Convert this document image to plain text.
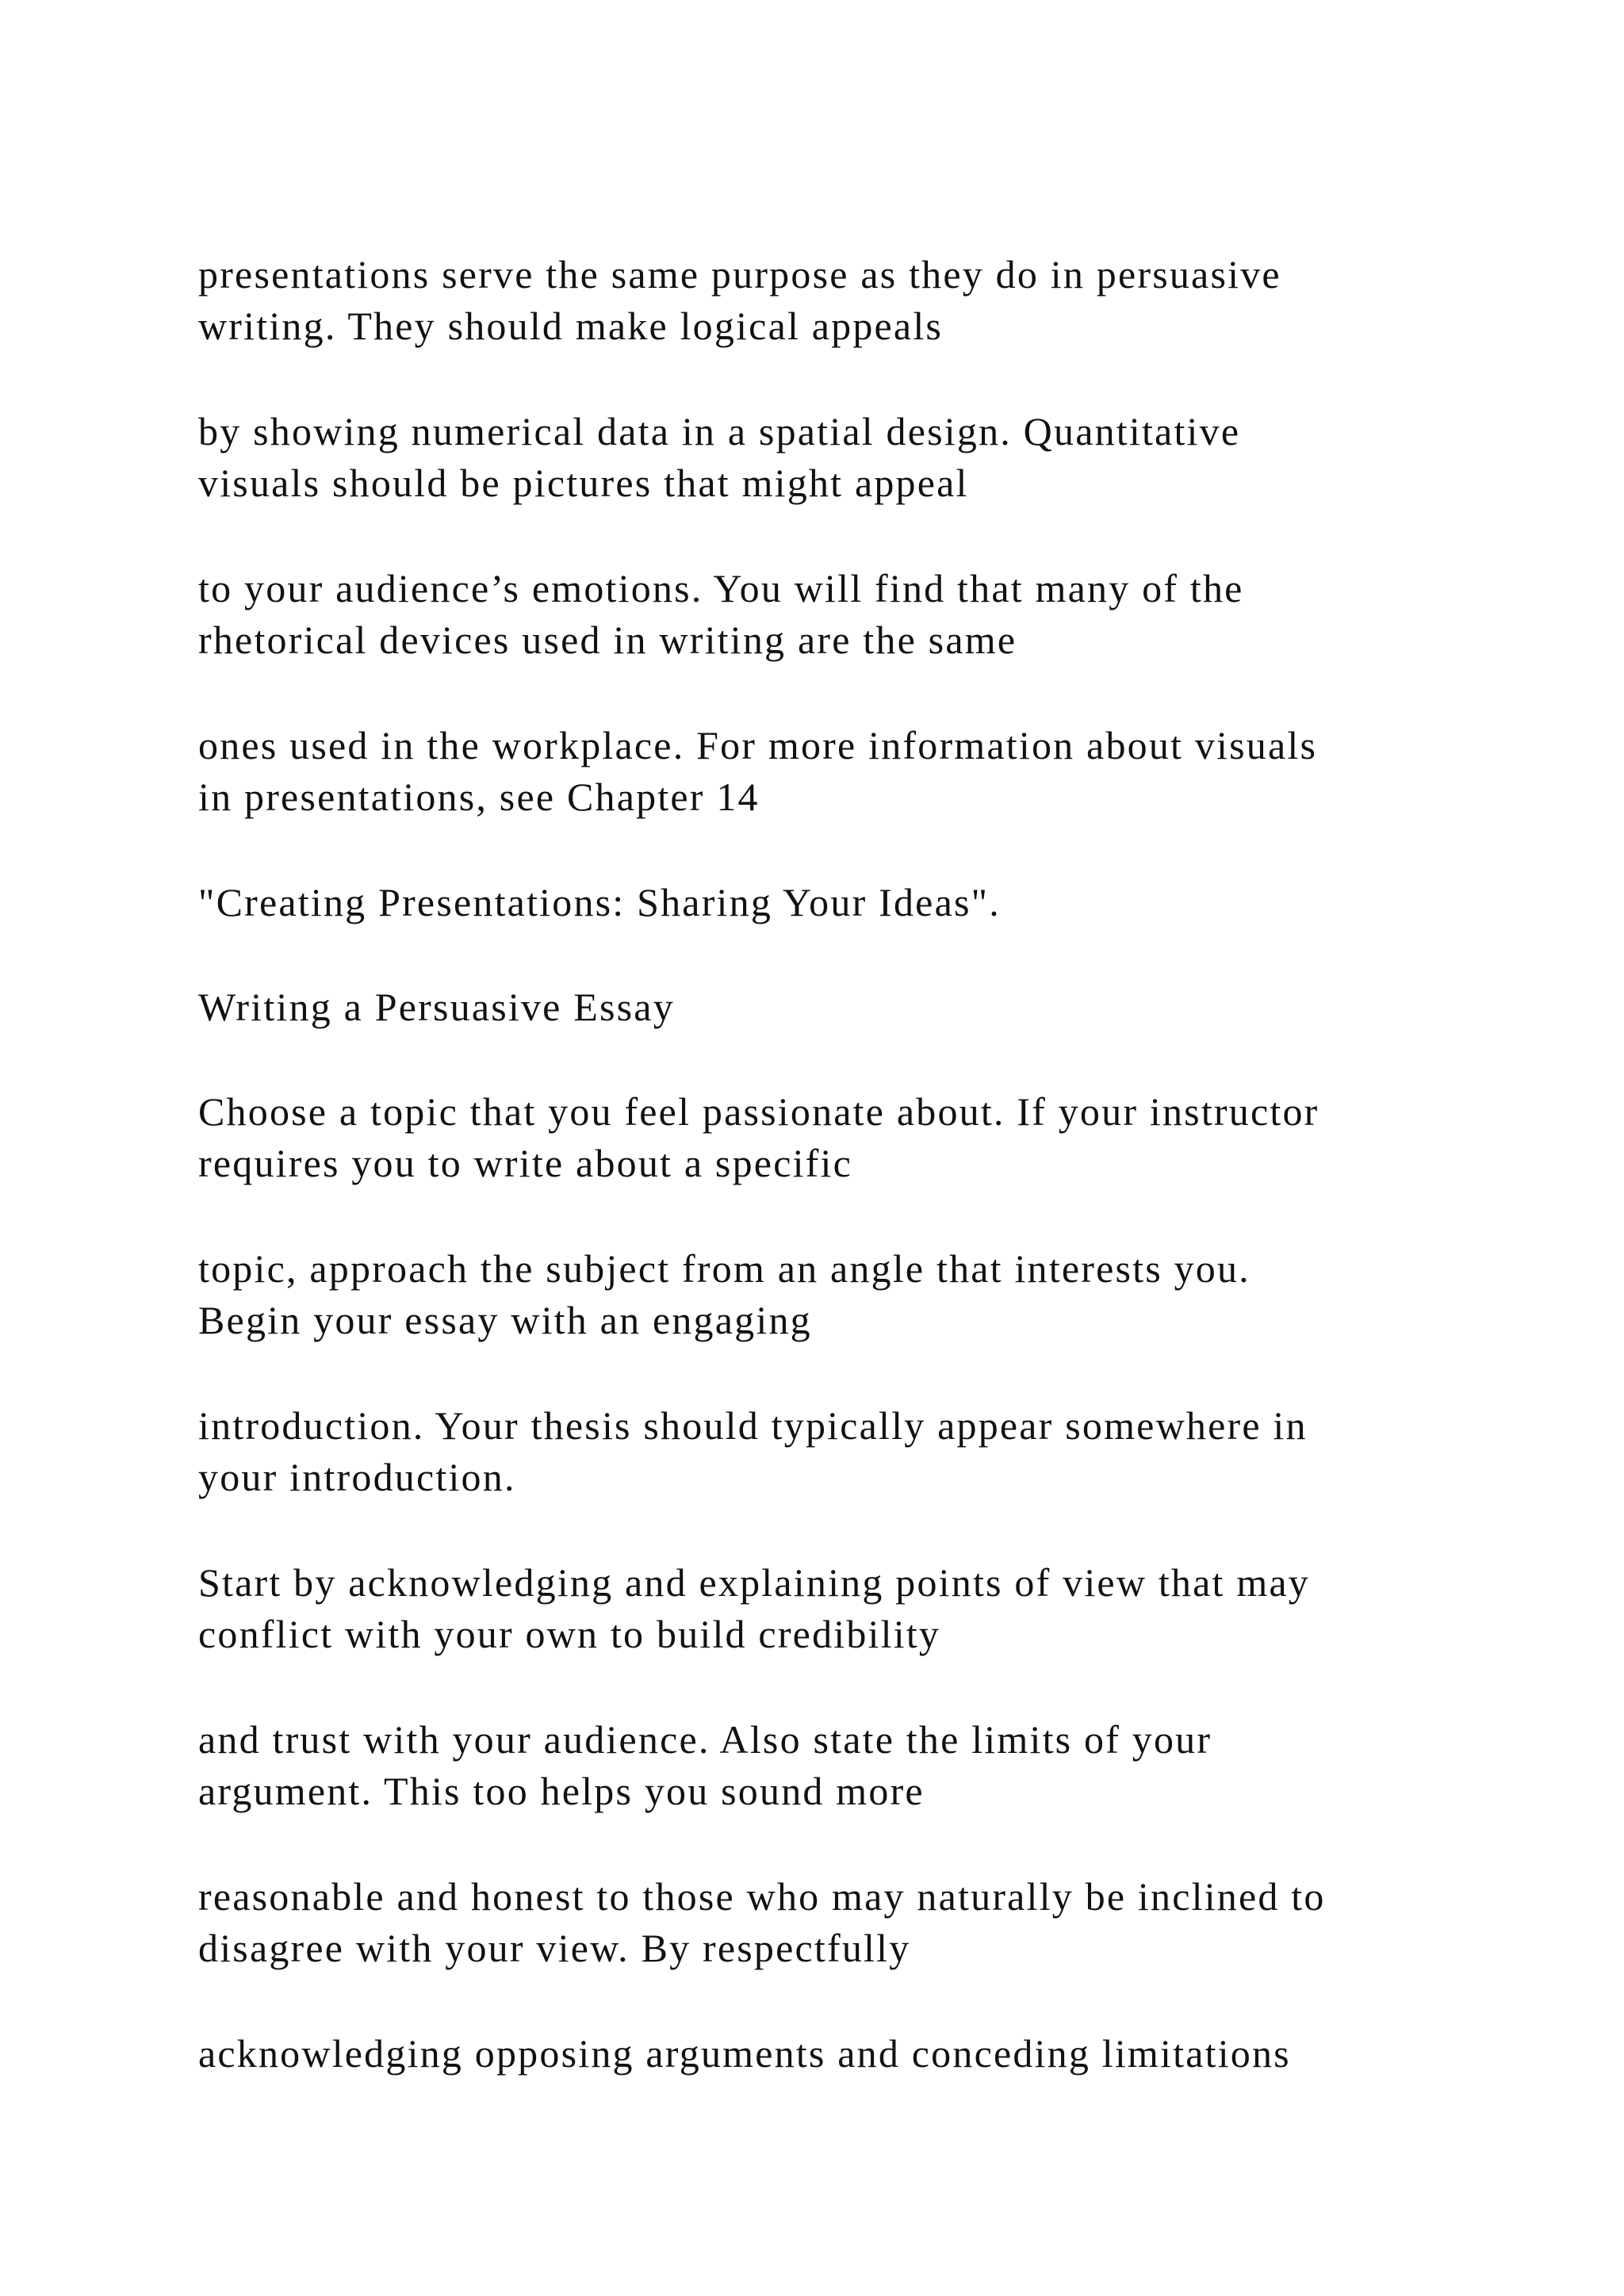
presentations serve the same purpose as they do in persuasive

writing. They should make logical appeals

by showing numerical data in a spatial design. Quantitative

visuals should be pictures that might appeal

to your audience’s emotions. You will find that many of the

rhetorical devices used in writing are the same

ones used in the workplace. For more information about visuals

in presentations, see Chapter 14

"Creating Presentations: Sharing Your Ideas".

Writing a Persuasive Essay

Choose a topic that you feel passionate about. If your instructor

requires you to write about a specific

topic, approach the subject from an angle that interests you.

Begin your essay with an engaging

introduction. Your thesis should typically appear somewhere in

your introduction.

Start by acknowledging and explaining points of view that may

conflict with your own to build credibility

and trust with your audience. Also state the limits of your

argument. This too helps you sound more

reasonable and honest to those who may naturally be inclined to

disagree with your view. By respectfully

acknowledging opposing arguments and conceding limitations
